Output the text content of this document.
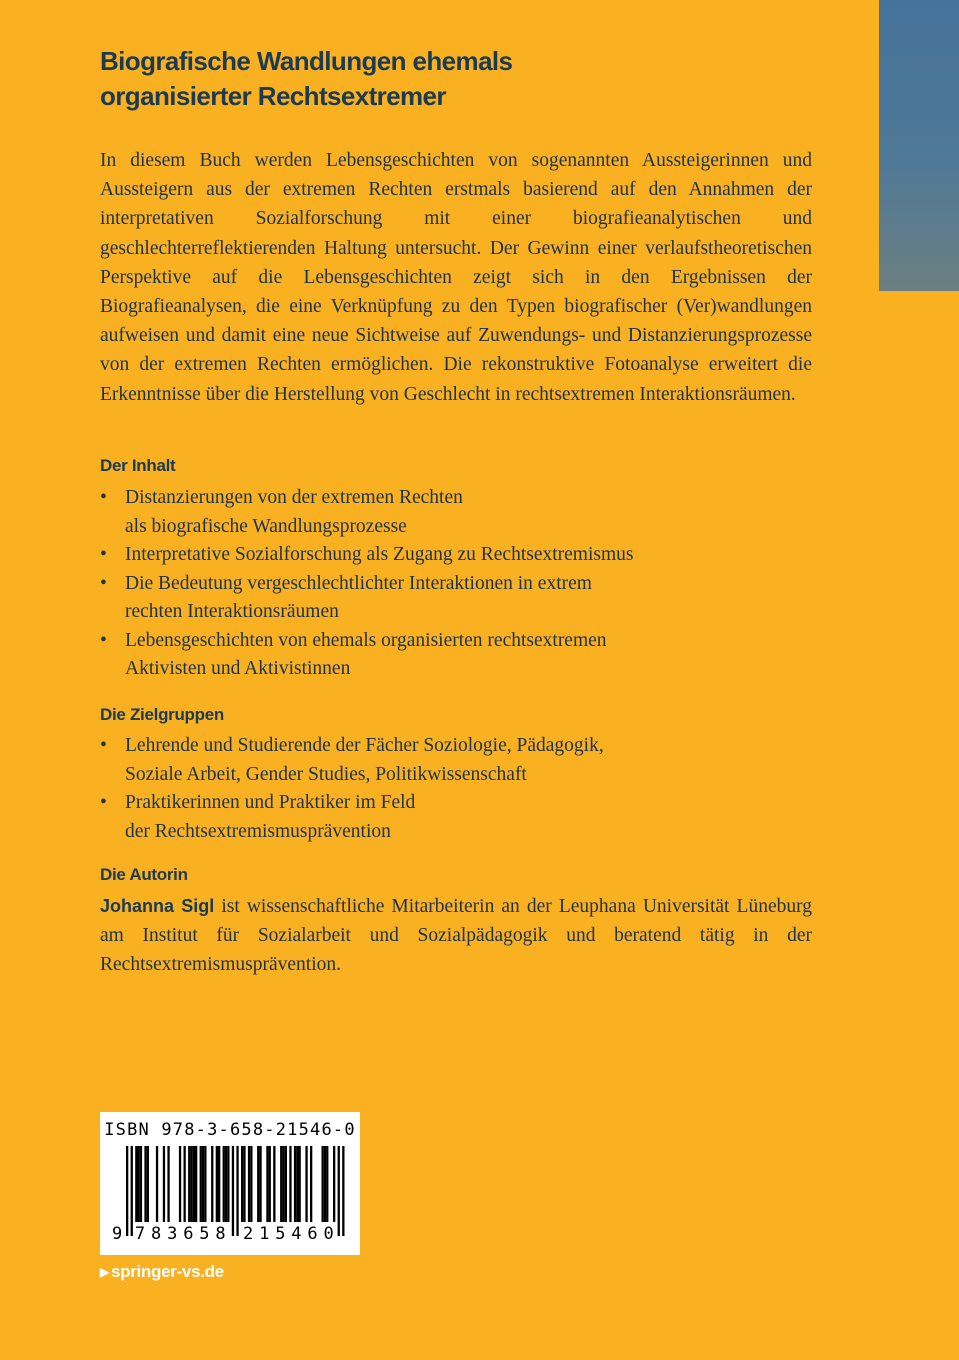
Biografische Wandlungen ehemals
organisierter Rechtsextremer
In diesem Buch werden Lebensgeschichten von sogenannten Aussteigerinnen und Aussteigern aus der extremen Rechten erstmals basierend auf den Annahmen der interpretativen Sozialforschung mit einer biografieanalytischen und geschlechterreflektierenden Haltung untersucht. Der Gewinn einer verlaufstheoretischen Perspektive auf die Lebensgeschichten zeigt sich in den Ergebnissen der Biografieanalysen, die eine Verknüpfung zu den Typen biografischer (Ver)wandlungen aufweisen und damit eine neue Sichtweise auf Zuwendungs- und Distanzierungsprozesse von der extremen Rechten ermöglichen. Die rekonstruktive Fotoanalyse erweitert die Erkenntnisse über die Herstellung von Geschlecht in rechtsextremen Interaktionsräumen.
Der Inhalt
• Distanzierungen von der extremen Rechten
als biografische Wandlungsprozesse
• Interpretative Sozialforschung als Zugang zu Rechtsextremismus
• Die Bedeutung vergeschlechtlichter Interaktionen in extrem
rechten Interaktionsräumen
• Lebensgeschichten von ehemals organisierten rechtsextremen
Aktivisten und Aktivistinnen
Die Zielgruppen
• Lehrende und Studierende der Fächer Soziologie, Pädagogik,
Soziale Arbeit, Gender Studies, Politikwissenschaft
• Praktikerinnen und Praktiker im Feld
der Rechtsextremismusprävention
Die Autorin
Johanna Sigl ist wissenschaftliche Mitarbeiterin an der Leuphana Universität Lüneburg am Institut für Sozialarbeit und Sozialpädagogik und beratend tätig in der Rechtsextremismusprävention.
ISBN 978-3-658-21546-0
9 7 8 3 6 5 8 2 1 5 4 6 0
▶ springer-vs.de
